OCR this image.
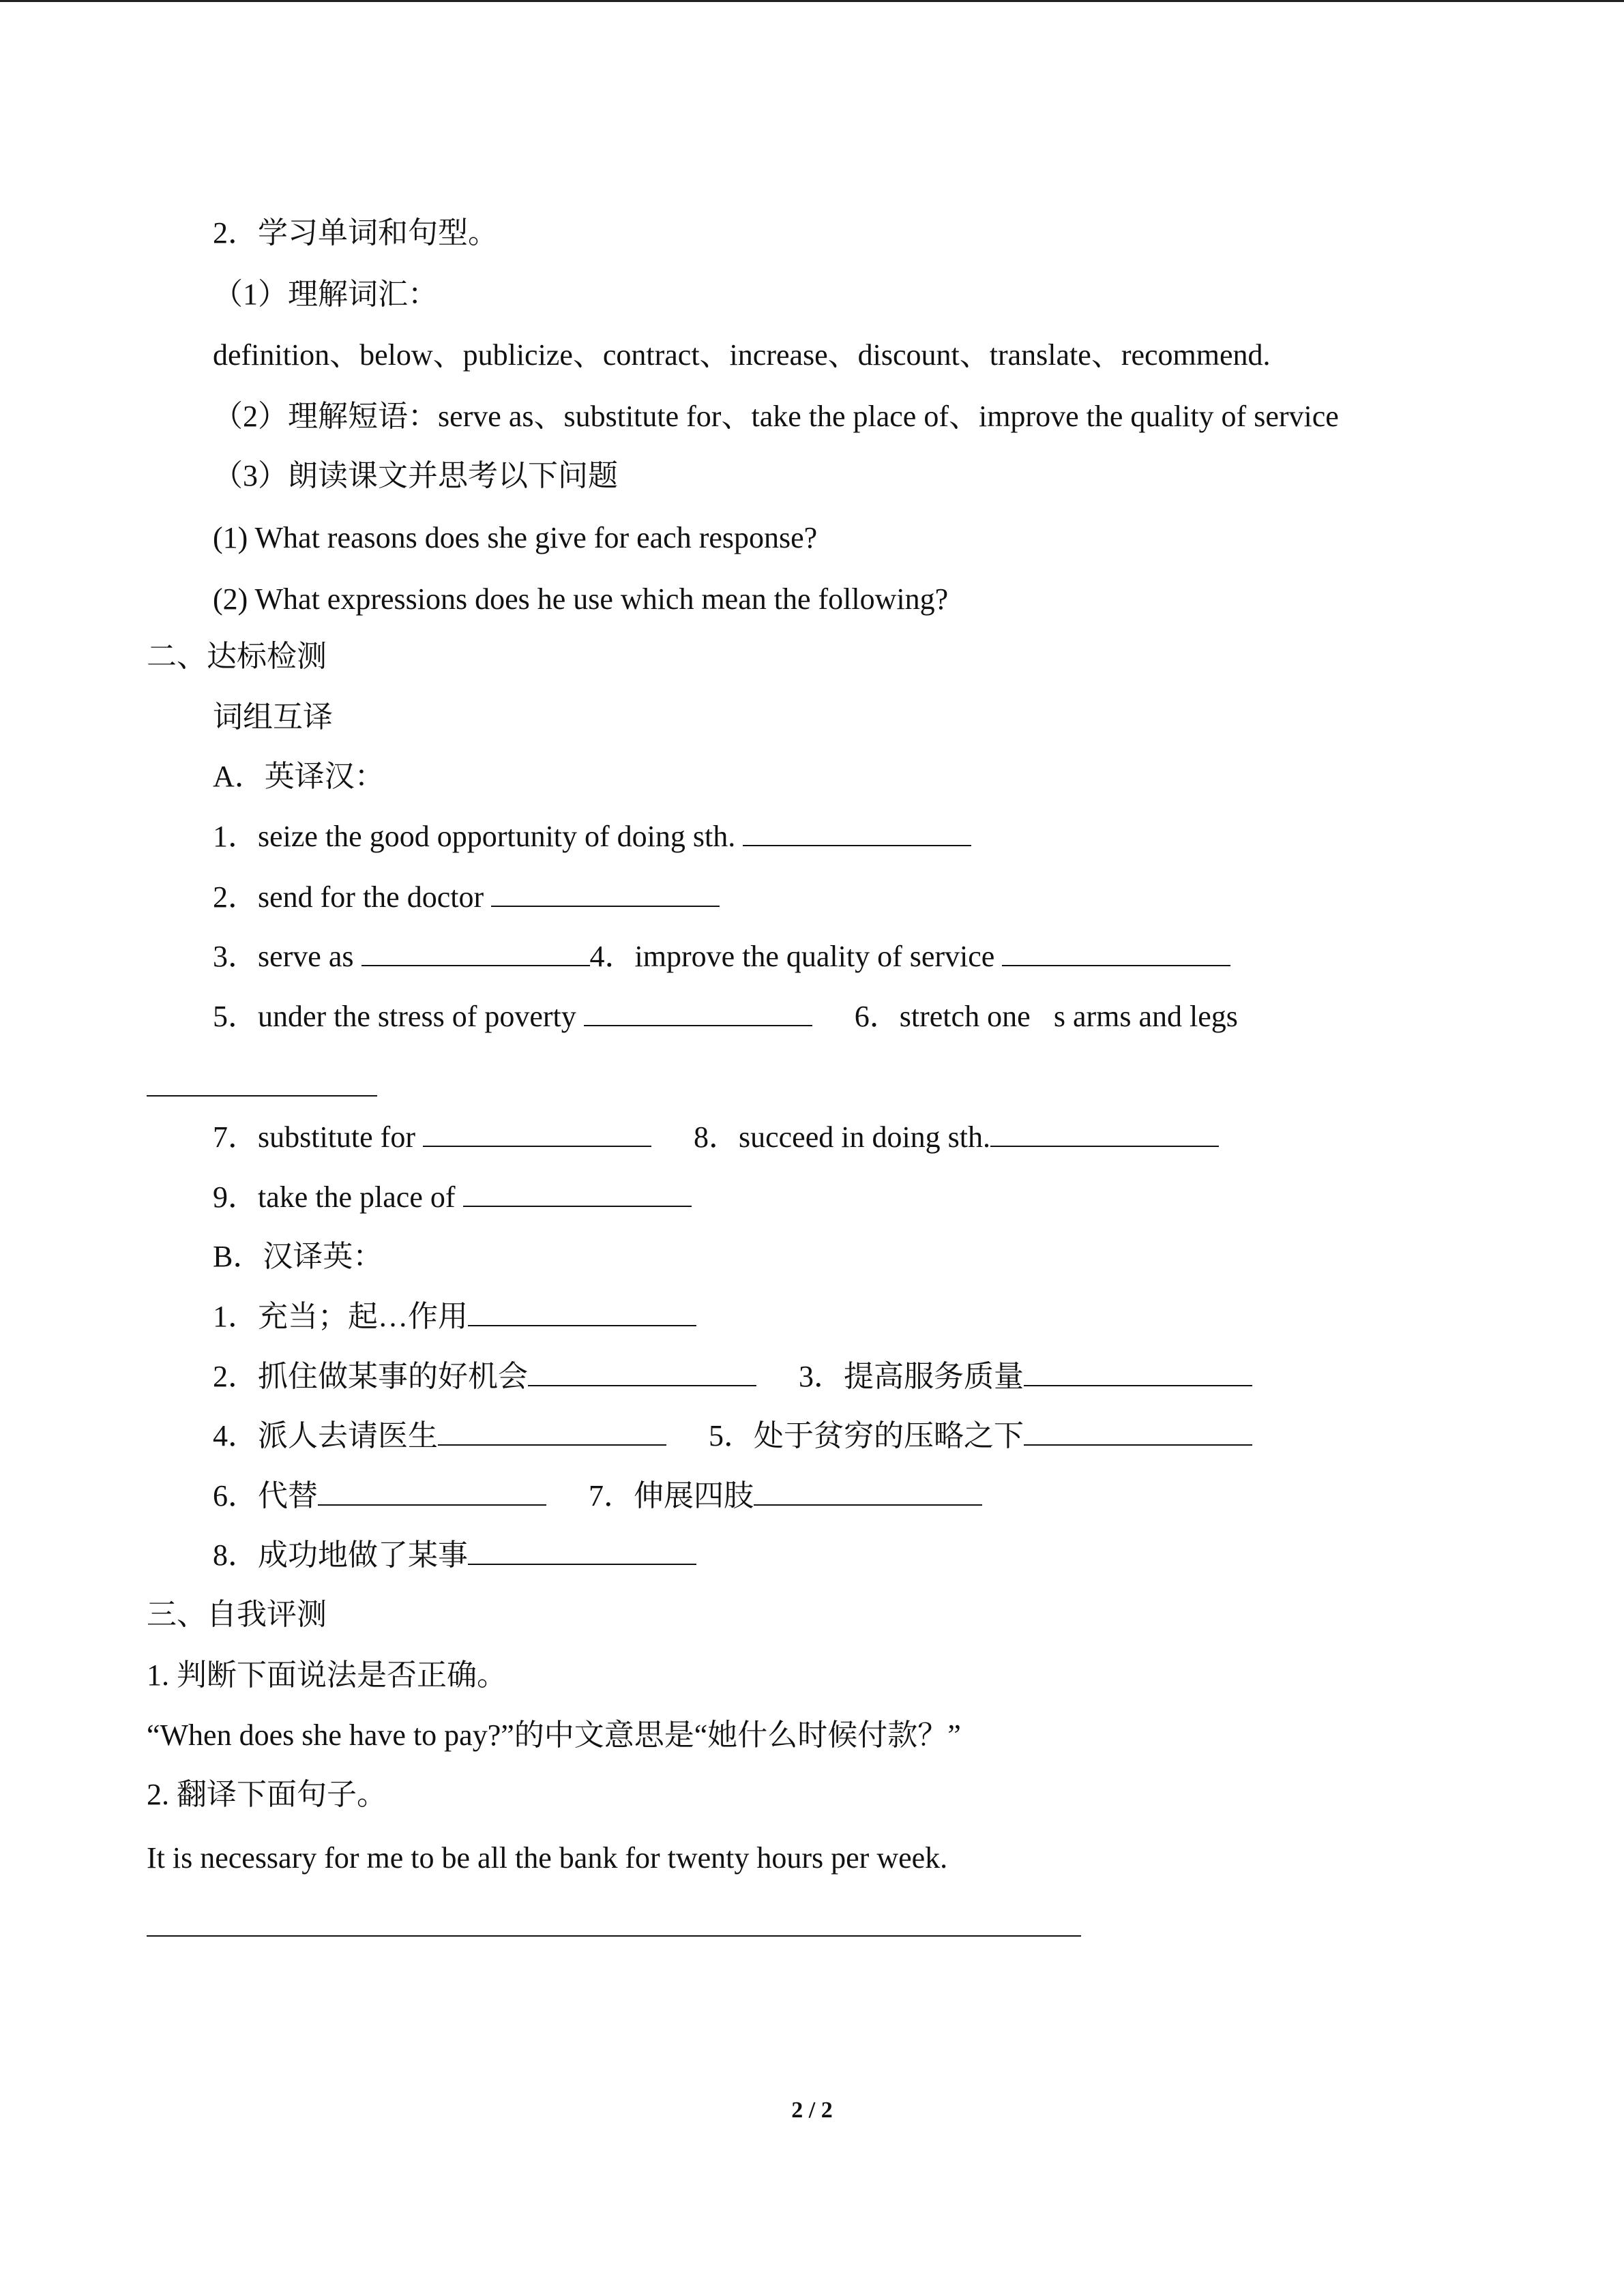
2．学习单词和句型。
（1）理解词汇：
definition、below、publicize、contract、increase、discount、translate、recommend.
（2）理解短语：serve as、substitute for、take the place of、improve the quality of service
（3）朗读课文并思考以下问题
(1) What reasons does she give for each response?
(2) What expressions does he use which mean the following?
二、达标检测
词组互译
A．英译汉：
1．seize the good opportunity of doing sth.
2．send for the doctor
3．serve as	4．improve the quality of service
5．under the stress of poverty	6．stretch one s arms and legs
7．substitute for	8．succeed in doing sth.
9．take the place of
B．汉译英：
1．充当；起…作用
2．抓住做某事的好机会	3．提高服务质量
4．派人去请医生	5．处于贫穷的压略之下
6．代替	7．伸展四肢
8．成功地做了某事
三、自我评测
1. 判断下面说法是否正确。
“When does she have to pay?”的中文意思是“她什么时候付款？”
2. 翻译下面句子。
It is necessary for me to be all the bank for twenty hours per week.
2 / 2
